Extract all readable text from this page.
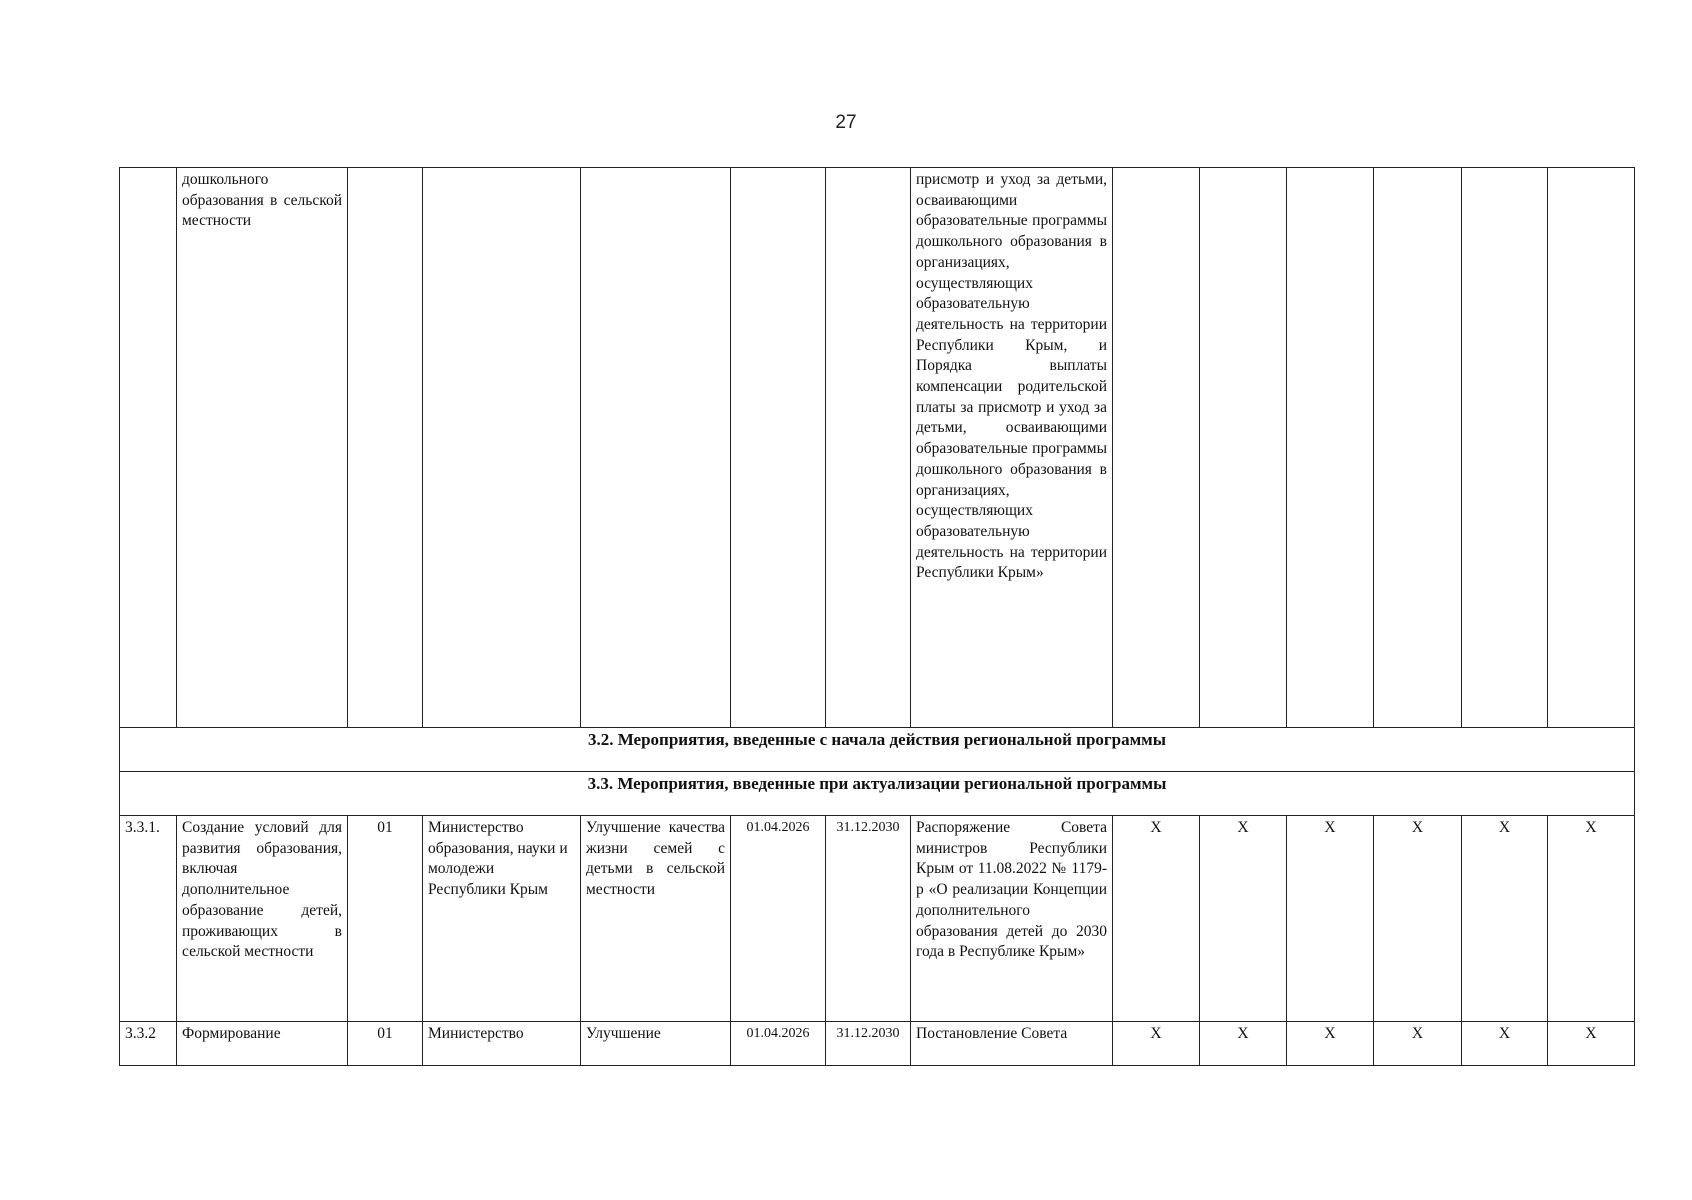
27
	дошкольного образования в сельской местности						присмотр и уход за детьми, осваивающими образовательные программы дошкольного образования в организациях, осуществляющих образовательную деятельность на территории Республики Крым, и Порядка выплаты компенсации родительской платы за присмотр и уход за детьми, осваивающими образовательные программы дошкольного образования в организациях, осуществляющих образовательную деятельность на территории Республики Крым»						
3.2. Мероприятия, введенные с начала действия региональной программы													
3.3. Мероприятия, введенные при актуализации региональной программы													
3.3.1.	Создание условий для развития образования, включая дополнительное образование детей, проживающих в сельской местности	01	Министерство образования, науки и молодежи Республики Крым	Улучшение качества жизни семей с детьми в сельской местности	01.04.2026	31.12.2030	Распоряжение Совета министров Республики Крым от 11.08.2022 № 1179-р «О реализации Концепции дополнительного образования детей до 2030 года в Республике Крым»	X	X	X	X	X	X
3.3.2	Формирование	01	Министерство	Улучшение	01.04.2026	31.12.2030	Постановление Совета	X	X	X	X	X	X
